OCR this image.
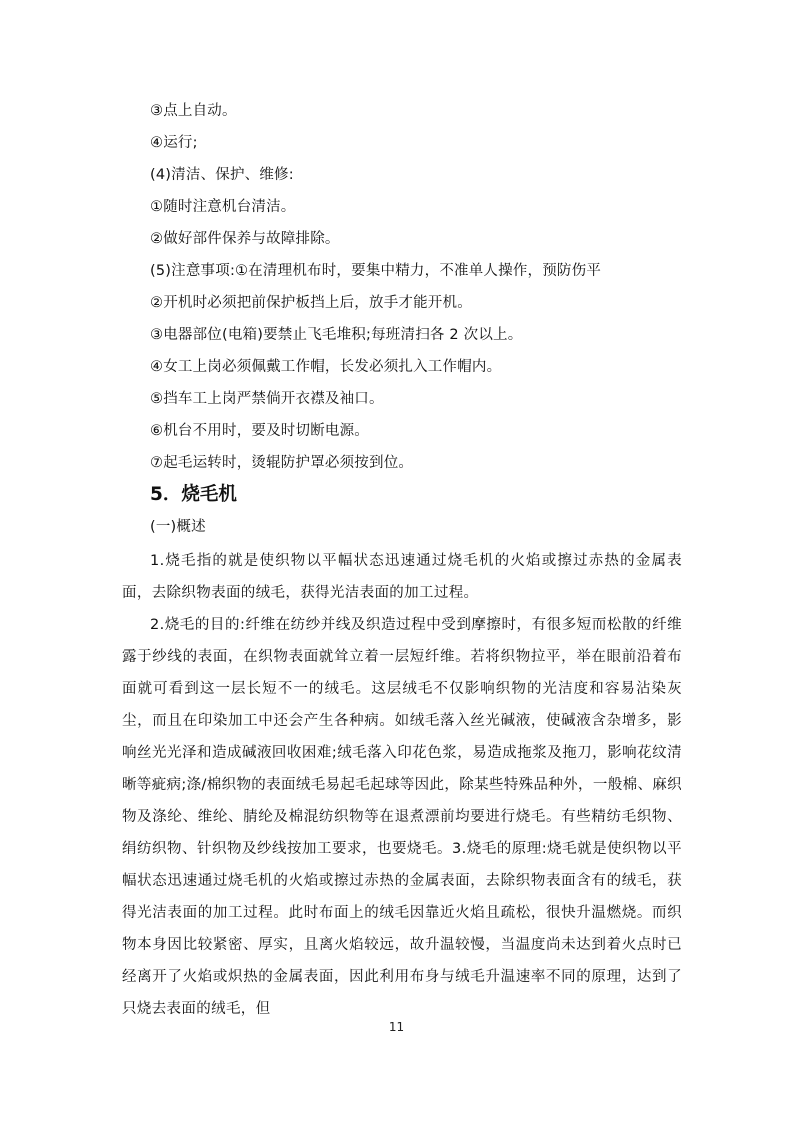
③点上自动。
④运行;
(4)清洁、保护、维修:
①随时注意机台清洁。
②做好部件保养与故障排除。
(5)注意事项:①在清理机布时，要集中精力，不准单人操作，预防伤平
②开机时必须把前保护板挡上后，放手才能开机。
③电器部位(电箱)要禁止飞毛堆积;每班清扫各 2 次以上。
④女工上岗必须佩戴工作帽，长发必须扎入工作帽内。
⑤挡车工上岗严禁倘开衣襟及袖口。
⑥机台不用时，要及时切断电源。
⑦起毛运转时，烫辊防护罩必须按到位。
5．烧毛机
(一)概述

1.烧毛指的就是使织物以平幅状态迅速通过烧毛机的火焰或擦过赤热的金属表面，去除织物表面的绒毛，获得光洁表面的加工过程。

2.烧毛的目的:纤维在纺纱并线及织造过程中受到摩擦时，有很多短而松散的纤维露于纱线的表面，在织物表面就耸立着一层短纤维。若将织物拉平，举在眼前沿着布面就可看到这一层长短不一的绒毛。这层绒毛不仅影响织物的光洁度和容易沾染灰尘，而且在印染加工中还会产生各种病。如绒毛落入丝光碱液，使碱液含杂增多，影响丝光光泽和造成碱液回收困难;绒毛落入印花色浆，易造成拖浆及拖刀，影响花纹清晰等疵病;涤/棉织物的表面绒毛易起毛起球等因此，除某些特殊品种外，一般棉、麻织物及涤纶、维纶、腈纶及棉混纺织物等在退煮漂前均要进行烧毛。有些精纺毛织物、绢纺织物、针织物及纱线按加工要求，也要烧毛。3.烧毛的原理:烧毛就是使织物以平幅状态迅速通过烧毛机的火焰或擦过赤热的金属表面，去除织物表面含有的绒毛，获得光洁表面的加工过程。此时布面上的绒毛因靠近火焰且疏松，很快升温燃烧。而织物本身因比较紧密、厚实，且离火焰较远，故升温较慢，当温度尚未达到着火点时已经离开了火焰或炽热的金属表面，因此利用布身与绒毛升温速率不同的原理，达到了只烧去表面的绒毛，但

11
